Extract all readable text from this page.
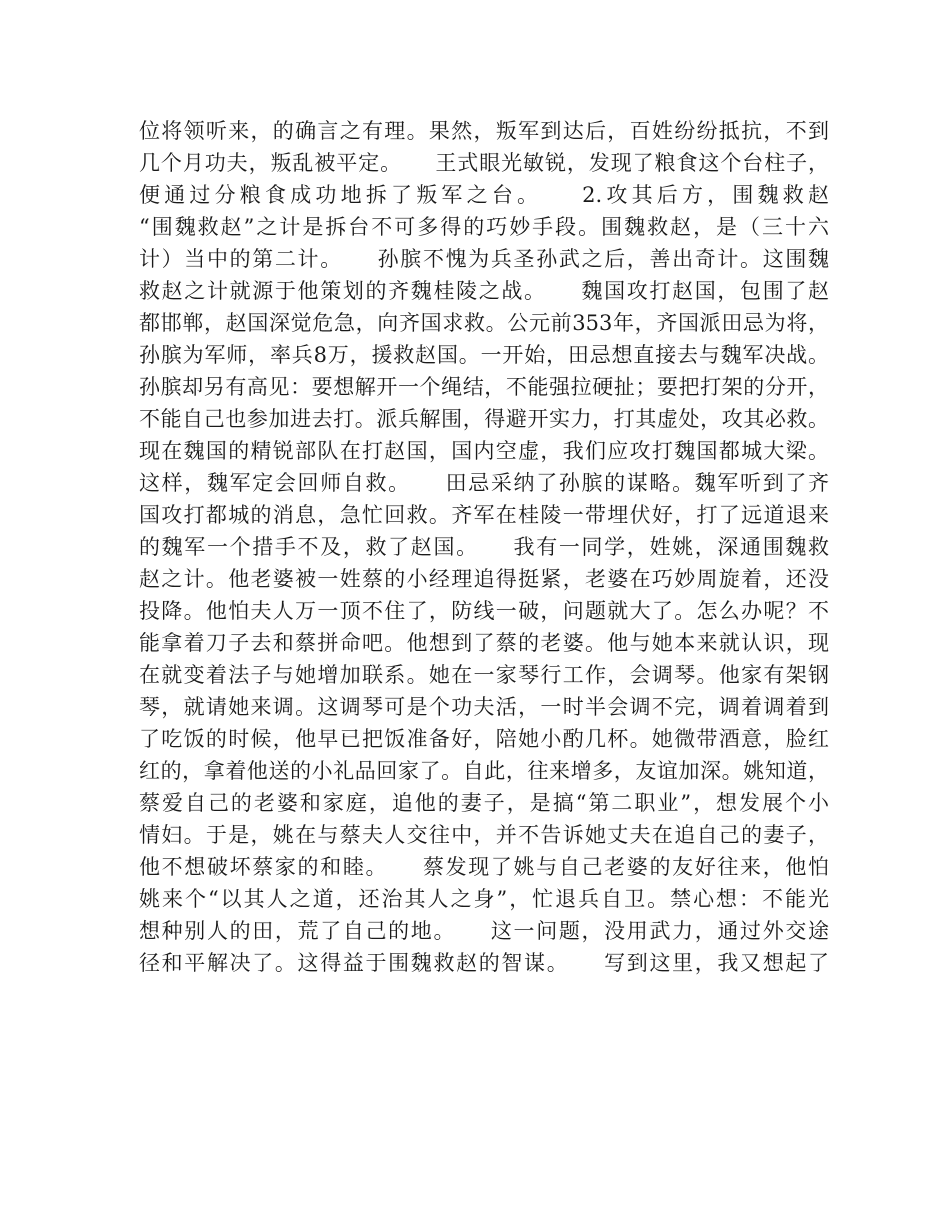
位将领听来，的确言之有理。果然，叛军到达后，百姓纷纷抵抗，不到
几个月功夫，叛乱被平定。　　王式眼光敏锐，发现了粮食这个台柱子，
便通过分粮食成功地拆了叛军之台。　　2.攻其后方，围魏救赵
“围魏救赵”之计是拆台不可多得的巧妙手段。围魏救赵，是（三十六
计）当中的第二计。　　孙膑不愧为兵圣孙武之后，善出奇计。这围魏
救赵之计就源于他策划的齐魏桂陵之战。　　魏国攻打赵国，包围了赵
都邯郸，赵国深觉危急，向齐国求救。公元前353年，齐国派田忌为将，
孙膑为军师，率兵8万，援救赵国。一开始，田忌想直接去与魏军决战。
孙膑却另有高见：要想解开一个绳结，不能强拉硬扯；要把打架的分开，
不能自己也参加进去打。派兵解围，得避开实力，打其虚处，攻其必救。
现在魏国的精锐部队在打赵国，国内空虚，我们应攻打魏国都城大梁。
这样，魏军定会回师自救。　　田忌采纳了孙膑的谋略。魏军听到了齐
国攻打都城的消息，急忙回救。齐军在桂陵一带埋伏好，打了远道退来
的魏军一个措手不及，救了赵国。　　我有一同学，姓姚，深通围魏救
赵之计。他老婆被一姓蔡的小经理追得挺紧，老婆在巧妙周旋着，还没
投降。他怕夫人万一顶不住了，防线一破，问题就大了。怎么办呢？不
能拿着刀子去和蔡拼命吧。他想到了蔡的老婆。他与她本来就认识，现
在就变着法子与她增加联系。她在一家琴行工作，会调琴。他家有架钢
琴，就请她来调。这调琴可是个功夫活，一时半会调不完，调着调着到
了吃饭的时候，他早已把饭准备好，陪她小酌几杯。她微带酒意，脸红
红的，拿着他送的小礼品回家了。自此，往来增多，友谊加深。姚知道，
蔡爱自己的老婆和家庭，追他的妻子，是搞“第二职业”，想发展个小
情妇。于是，姚在与蔡夫人交往中，并不告诉她丈夫在追自己的妻子，
他不想破坏蔡家的和睦。　　蔡发现了姚与自己老婆的友好往来，他怕
姚来个“以其人之道，还治其人之身”，忙退兵自卫。禁心想：不能光
想种别人的田，荒了自己的地。　　这一问题，没用武力，通过外交途
径和平解决了。这得益于围魏救赵的智谋。　　写到这里，我又想起了
